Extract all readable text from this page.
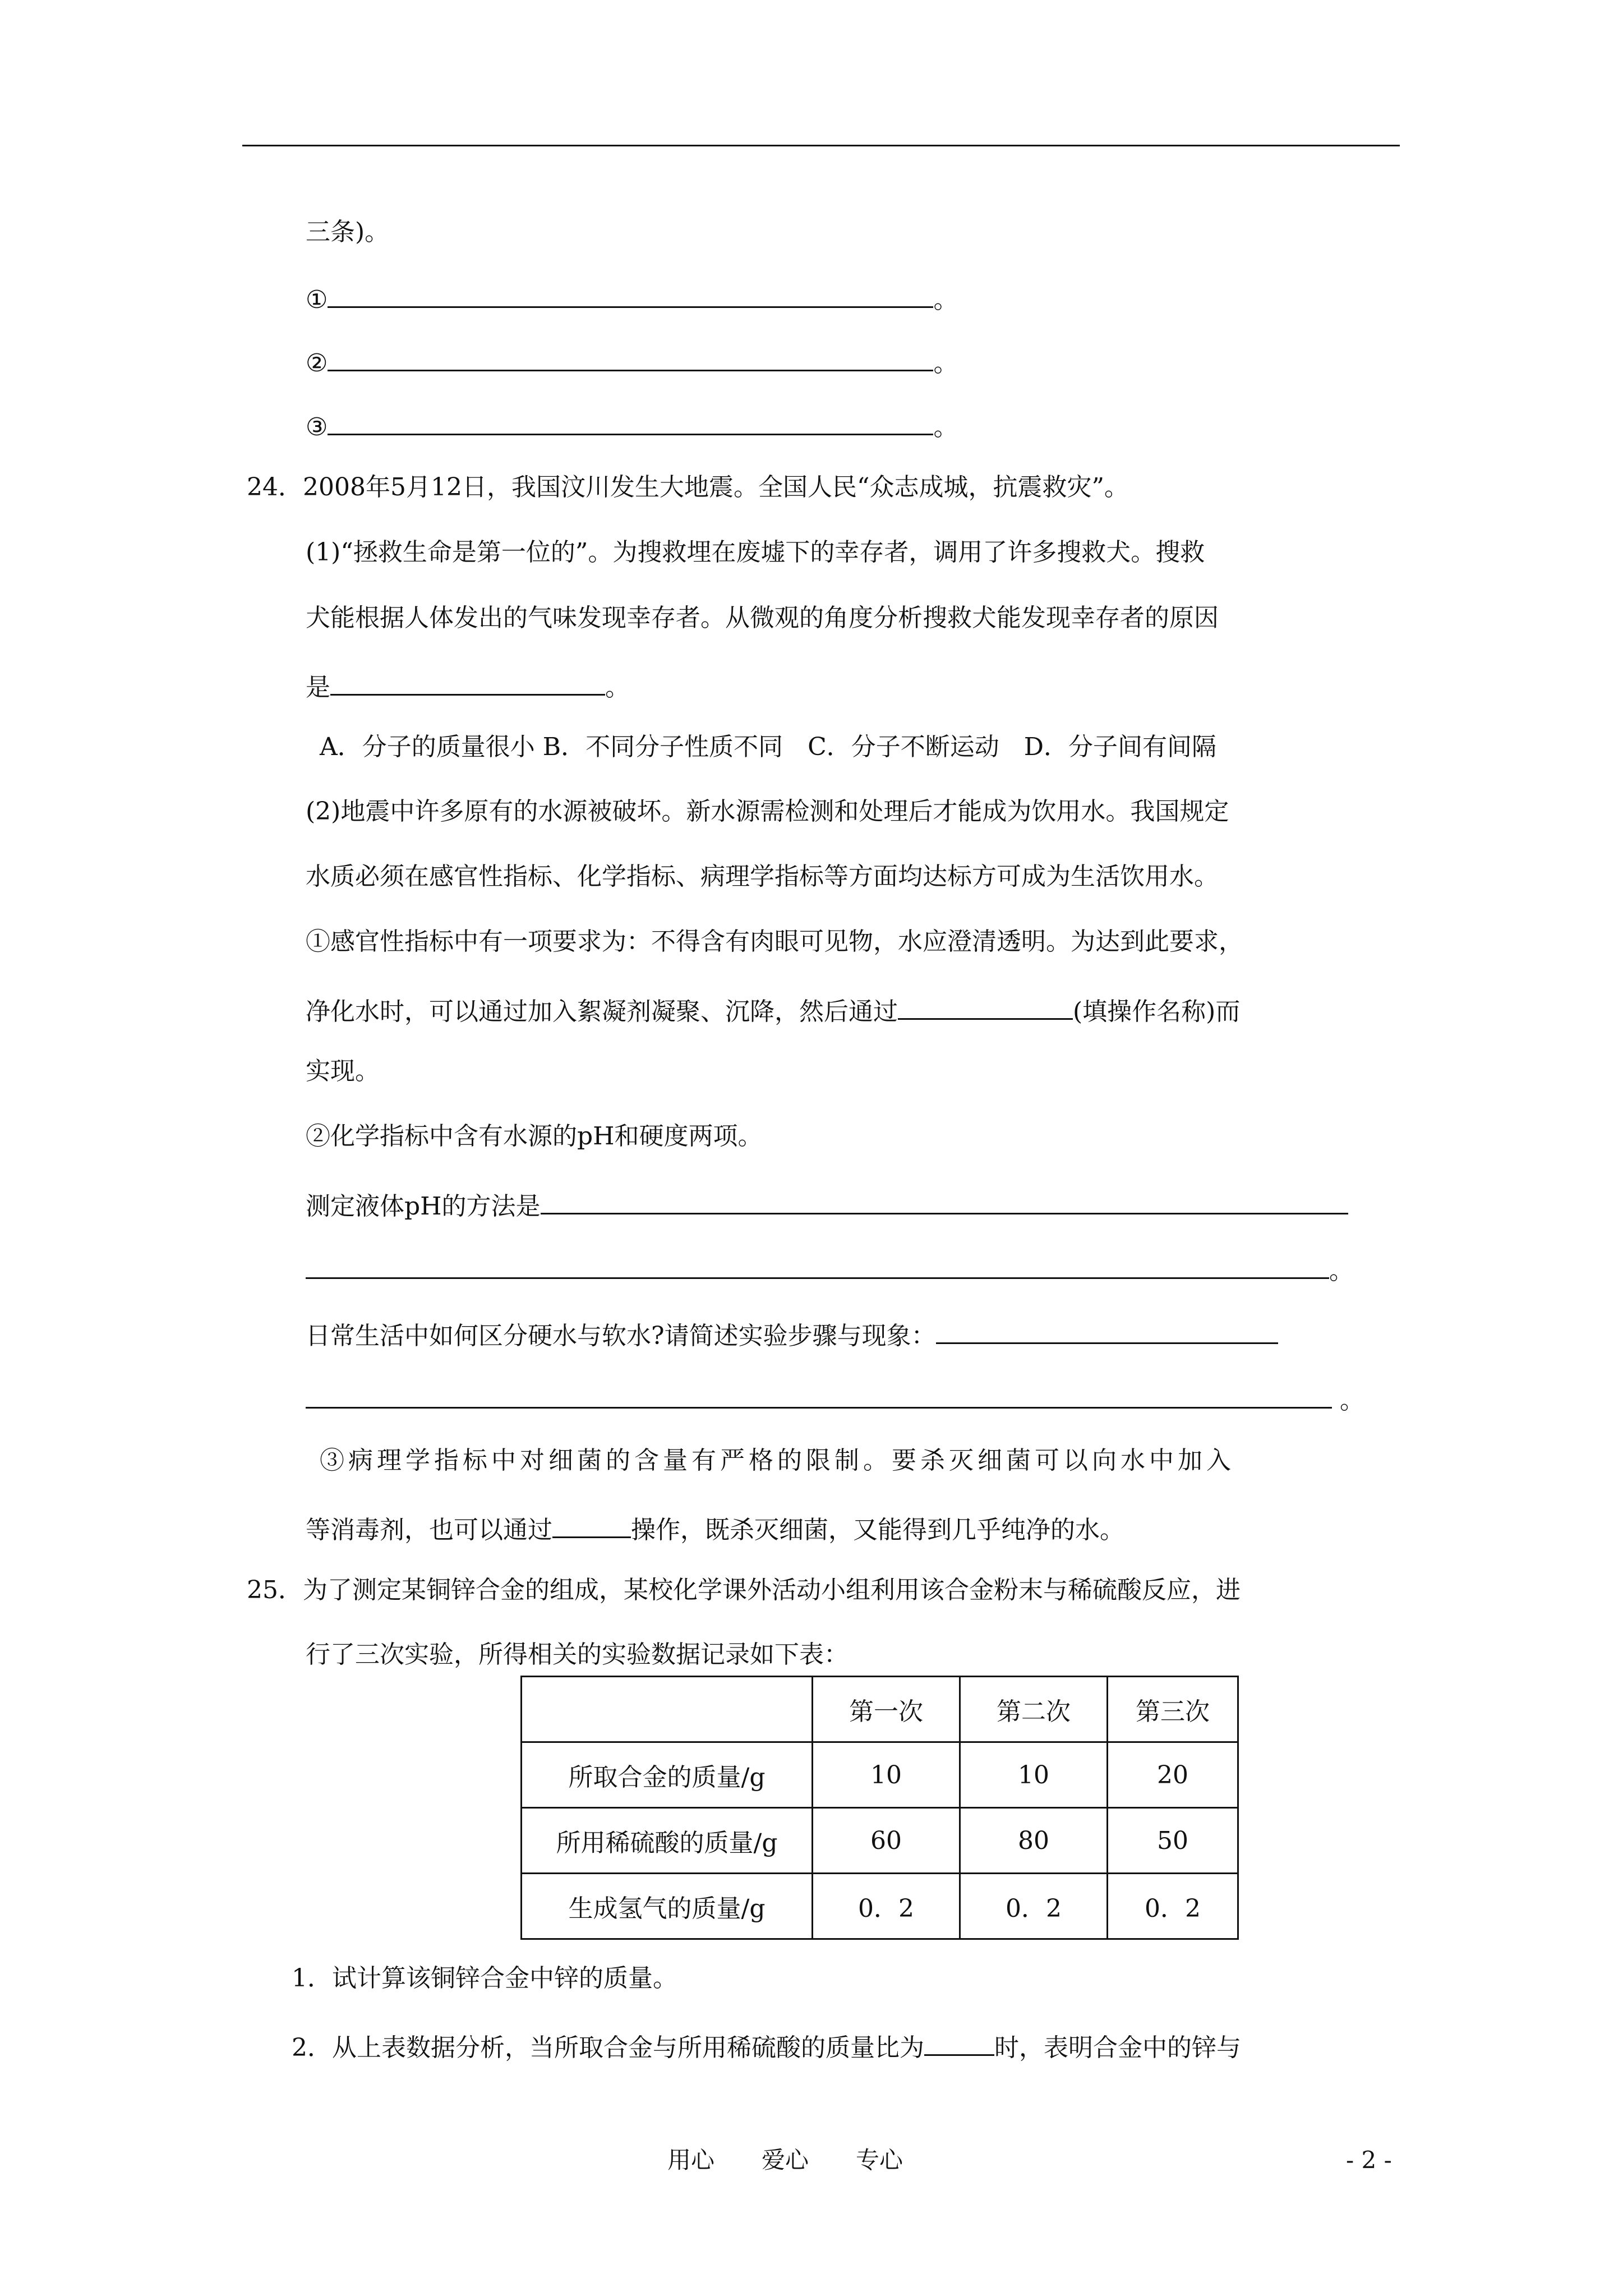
三条)。
①	。
②	。
③	。
24．2008年5月12日，我国汶川发生大地震。全国人民“众志成城，抗震救灾”。
(1)“拯救生命是第一位的”。为搜救埋在废墟下的幸存者，调用了许多搜救犬。搜救
犬能根据人体发出的气味发现幸存者。从微观的角度分析搜救犬能发现幸存者的原因
是	。
A．分子的质量很小 B．不同分子性质不同　C．分子不断运动　D．分子间有间隔
(2)地震中许多原有的水源被破坏。新水源需检测和处理后才能成为饮用水。我国规定
水质必须在感官性指标、化学指标、病理学指标等方面均达标方可成为生活饮用水。
①感官性指标中有一项要求为：不得含有肉眼可见物，水应澄清透明。为达到此要求，
净化水时，可以通过加入絮凝剂凝聚、沉降，然后通过	(填操作名称)而
实现。
②化学指标中含有水源的pH和硬度两项。
测定液体pH的方法是
。
日常生活中如何区分硬水与软水?请简述实验步骤与现象：
。
③病理学指标中对细菌的含量有严格的限制。要杀灭细菌可以向水中加入
等消毒剂，也可以通过	操作，既杀灭细菌，又能得到几乎纯净的水。
25．为了测定某铜锌合金的组成，某校化学课外活动小组利用该合金粉末与稀硫酸反应，进
行了三次实验，所得相关的实验数据记录如下表：
	第一次	第二次	第三次
所取合金的质量/g	10	10	20
所用稀硫酸的质量/g	60	80	50
生成氢气的质量/g	0．2	0．2	0．2
1．试计算该铜锌合金中锌的质量。
2．从上表数据分析，当所取合金与所用稀硫酸的质量比为	时，表明合金中的锌与
用心　　爱心　　专心	- 2 -
